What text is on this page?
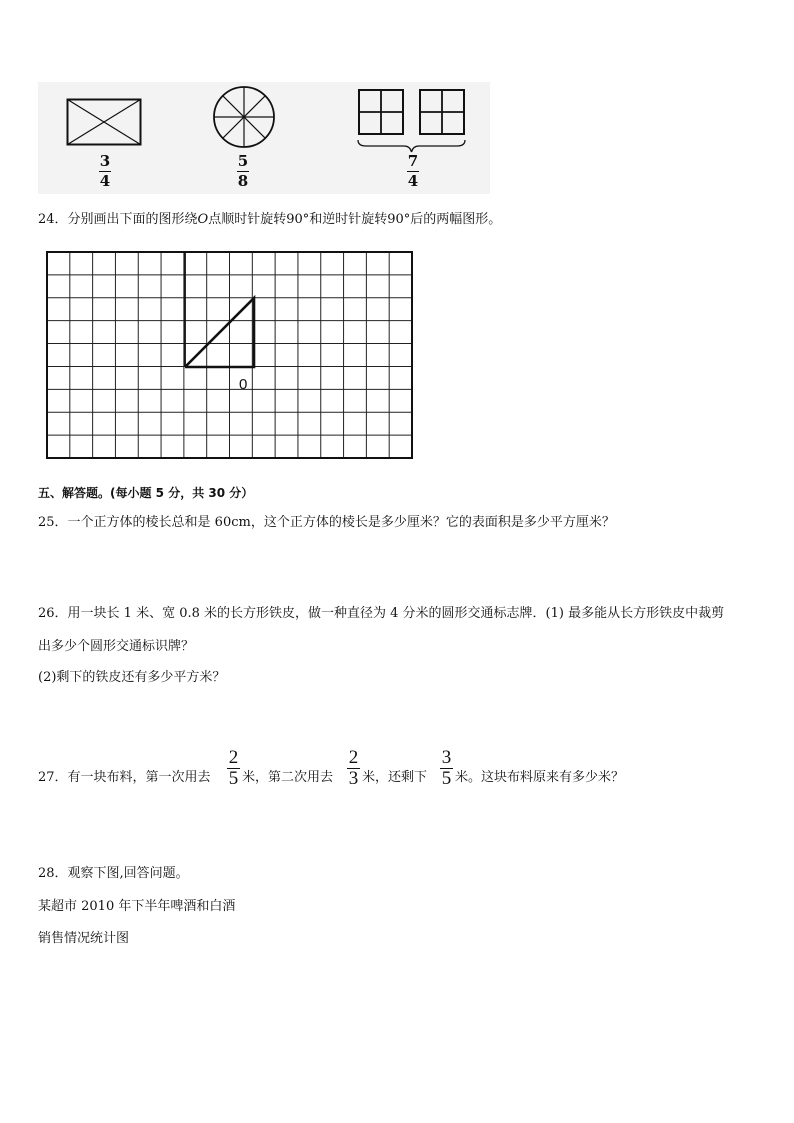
3
4
5
8
7
4
24．分别画出下面的图形绕O点顺时针旋转90°和逆时针旋转90°后的两幅图形。
0
五、解答题。(每小题 5 分，共 30 分）
25．一个正方体的棱长总和是 60cm，这个正方体的棱长是多少厘米？它的表面积是多少平方厘米？
26．用一块长 1 米、宽 0.8 米的长方形铁皮，做一种直径为 4 分米的圆形交通标志牌．(1) 最多能从长方形铁皮中裁剪
出多少个圆形交通标识牌？
(2)剩下的铁皮还有多少平方米？
27．有一块布料，第一次用去
2
5 米，第二次用去
2
3 米，还剩下
3
5 米。这块布料原来有多少米？
28．观察下图,回答问题。
某超市 2010 年下半年啤酒和白酒
销售情况统计图
